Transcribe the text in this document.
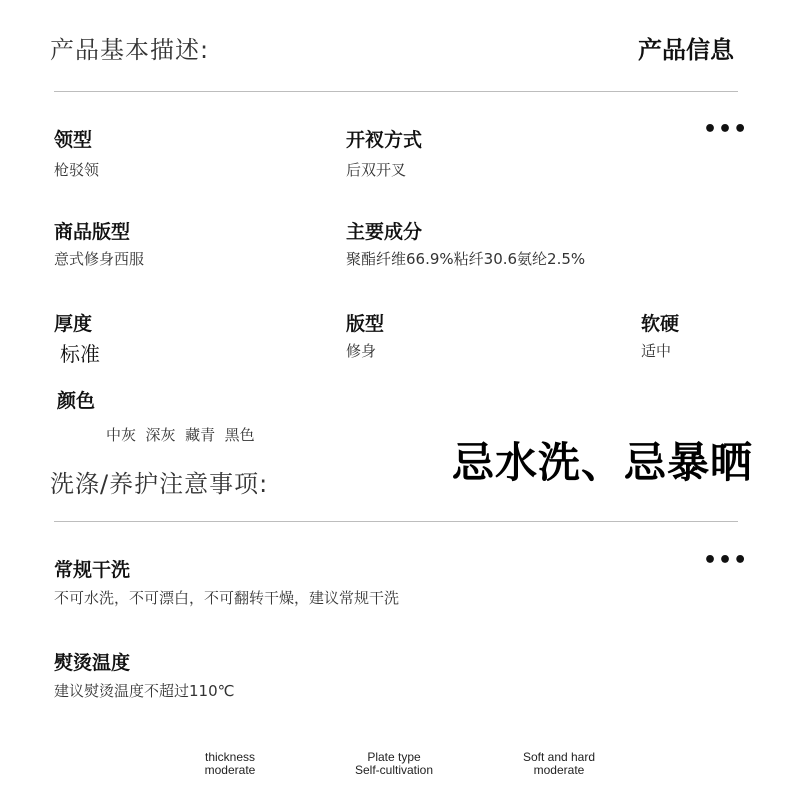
产品基本描述:	产品信息
•••
领型
枪驳领
开衩方式
后双开叉
商品版型
意式修身西服
主要成分
聚酯纤维66.9%粘纤30.6氨纶2.5%
厚度
标准
版型
修身
软硬
适中
颜色
中灰  深灰  藏青  黑色
忌水洗、忌暴晒
洗涤/养护注意事项:
•••
常规干洗
不可水洗，不可漂白，不可翻转干燥，建议常规干洗
熨烫温度
建议熨烫温度不超过110℃
thickness
moderate
Plate type
Self-cultivation
Soft and hard
moderate
